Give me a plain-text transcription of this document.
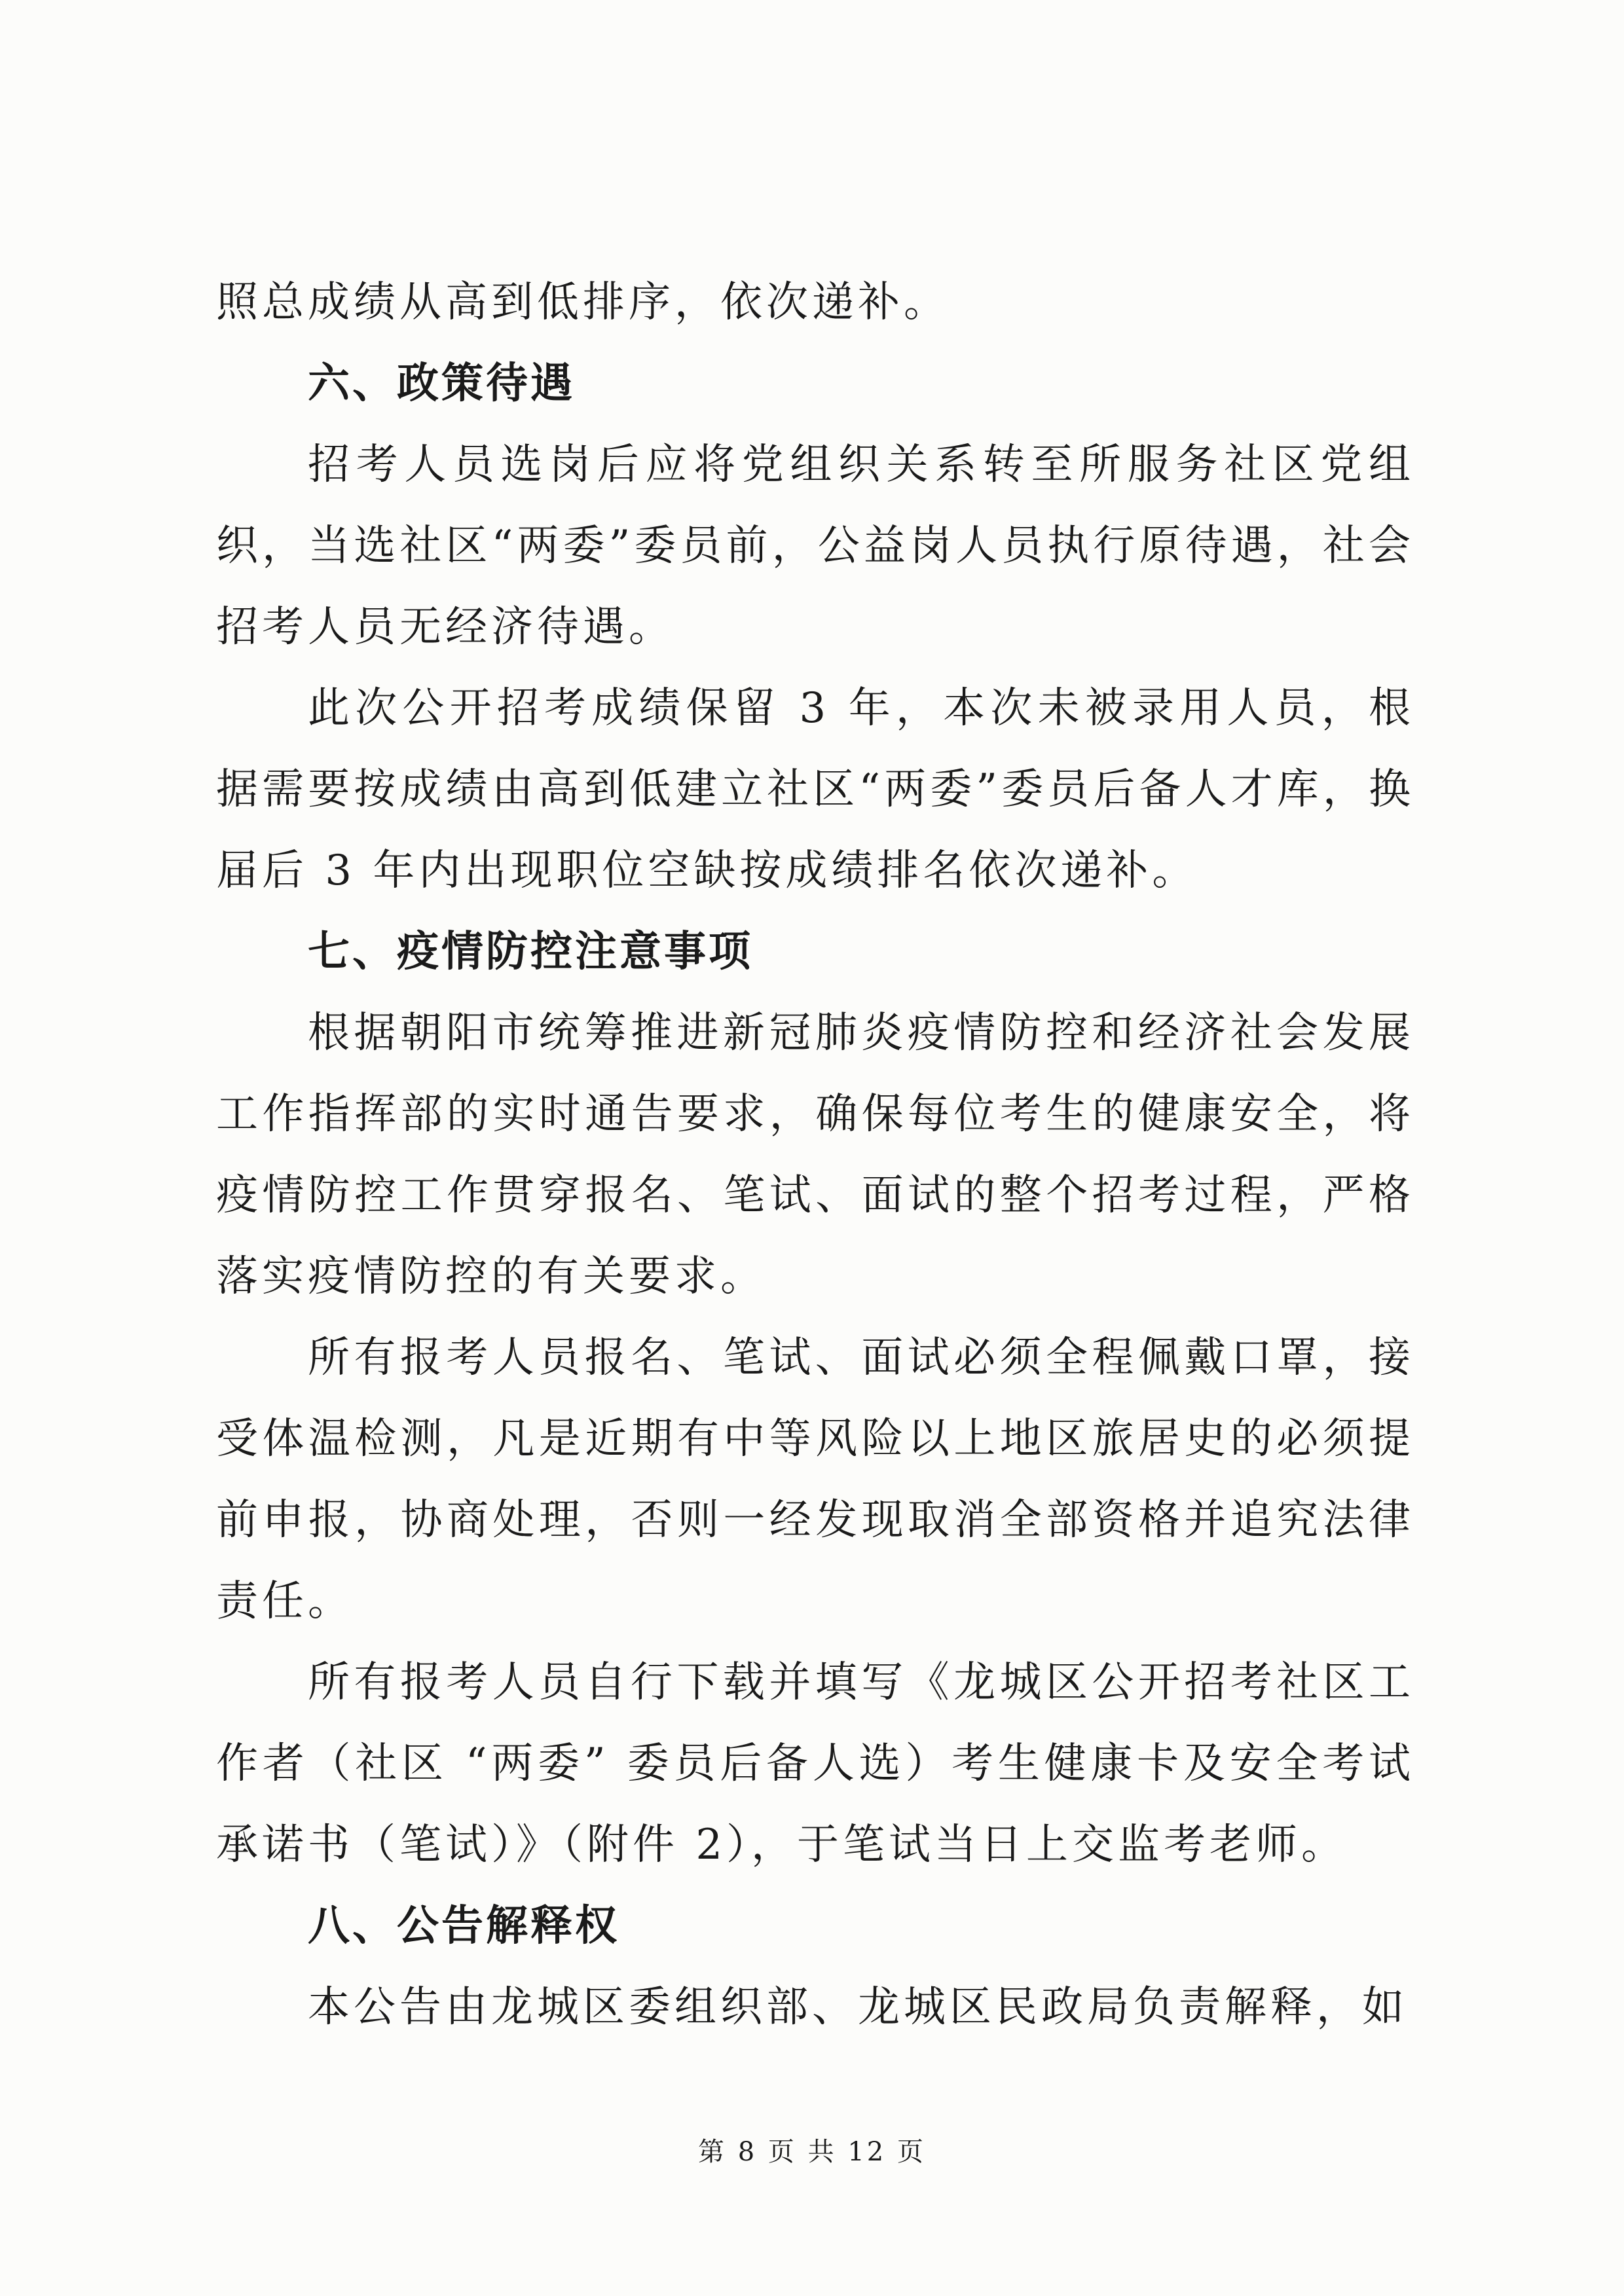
照总成绩从高到低排序，依次递补。

六、政策待遇

招考人员选岗后应将党组织关系转至所服务社区党组织，当选社区“两委”委员前，公益岗人员执行原待遇，社会招考人员无经济待遇。

此次公开招考成绩保留 3 年，本次未被录用人员，根据需要按成绩由高到低建立社区“两委”委员后备人才库，换届后 3 年内出现职位空缺按成绩排名依次递补。

七、疫情防控注意事项

根据朝阳市统筹推进新冠肺炎疫情防控和经济社会发展工作指挥部的实时通告要求，确保每位考生的健康安全，将疫情防控工作贯穿报名、笔试、面试的整个招考过程，严格落实疫情防控的有关要求。

所有报考人员报名、笔试、面试必须全程佩戴口罩，接受体温检测，凡是近期有中等风险以上地区旅居史的必须提前申报，协商处理，否则一经发现取消全部资格并追究法律责任。

所有报考人员自行下载并填写《龙城区公开招考社区工作者（社区 “两委” 委员后备人选）考生健康卡及安全考试承诺书（笔试）》（附件 2），于笔试当日上交监考老师。

八、公告解释权

本公告由龙城区委组织部、龙城区民政局负责解释，如

第 8 页 共 12 页
